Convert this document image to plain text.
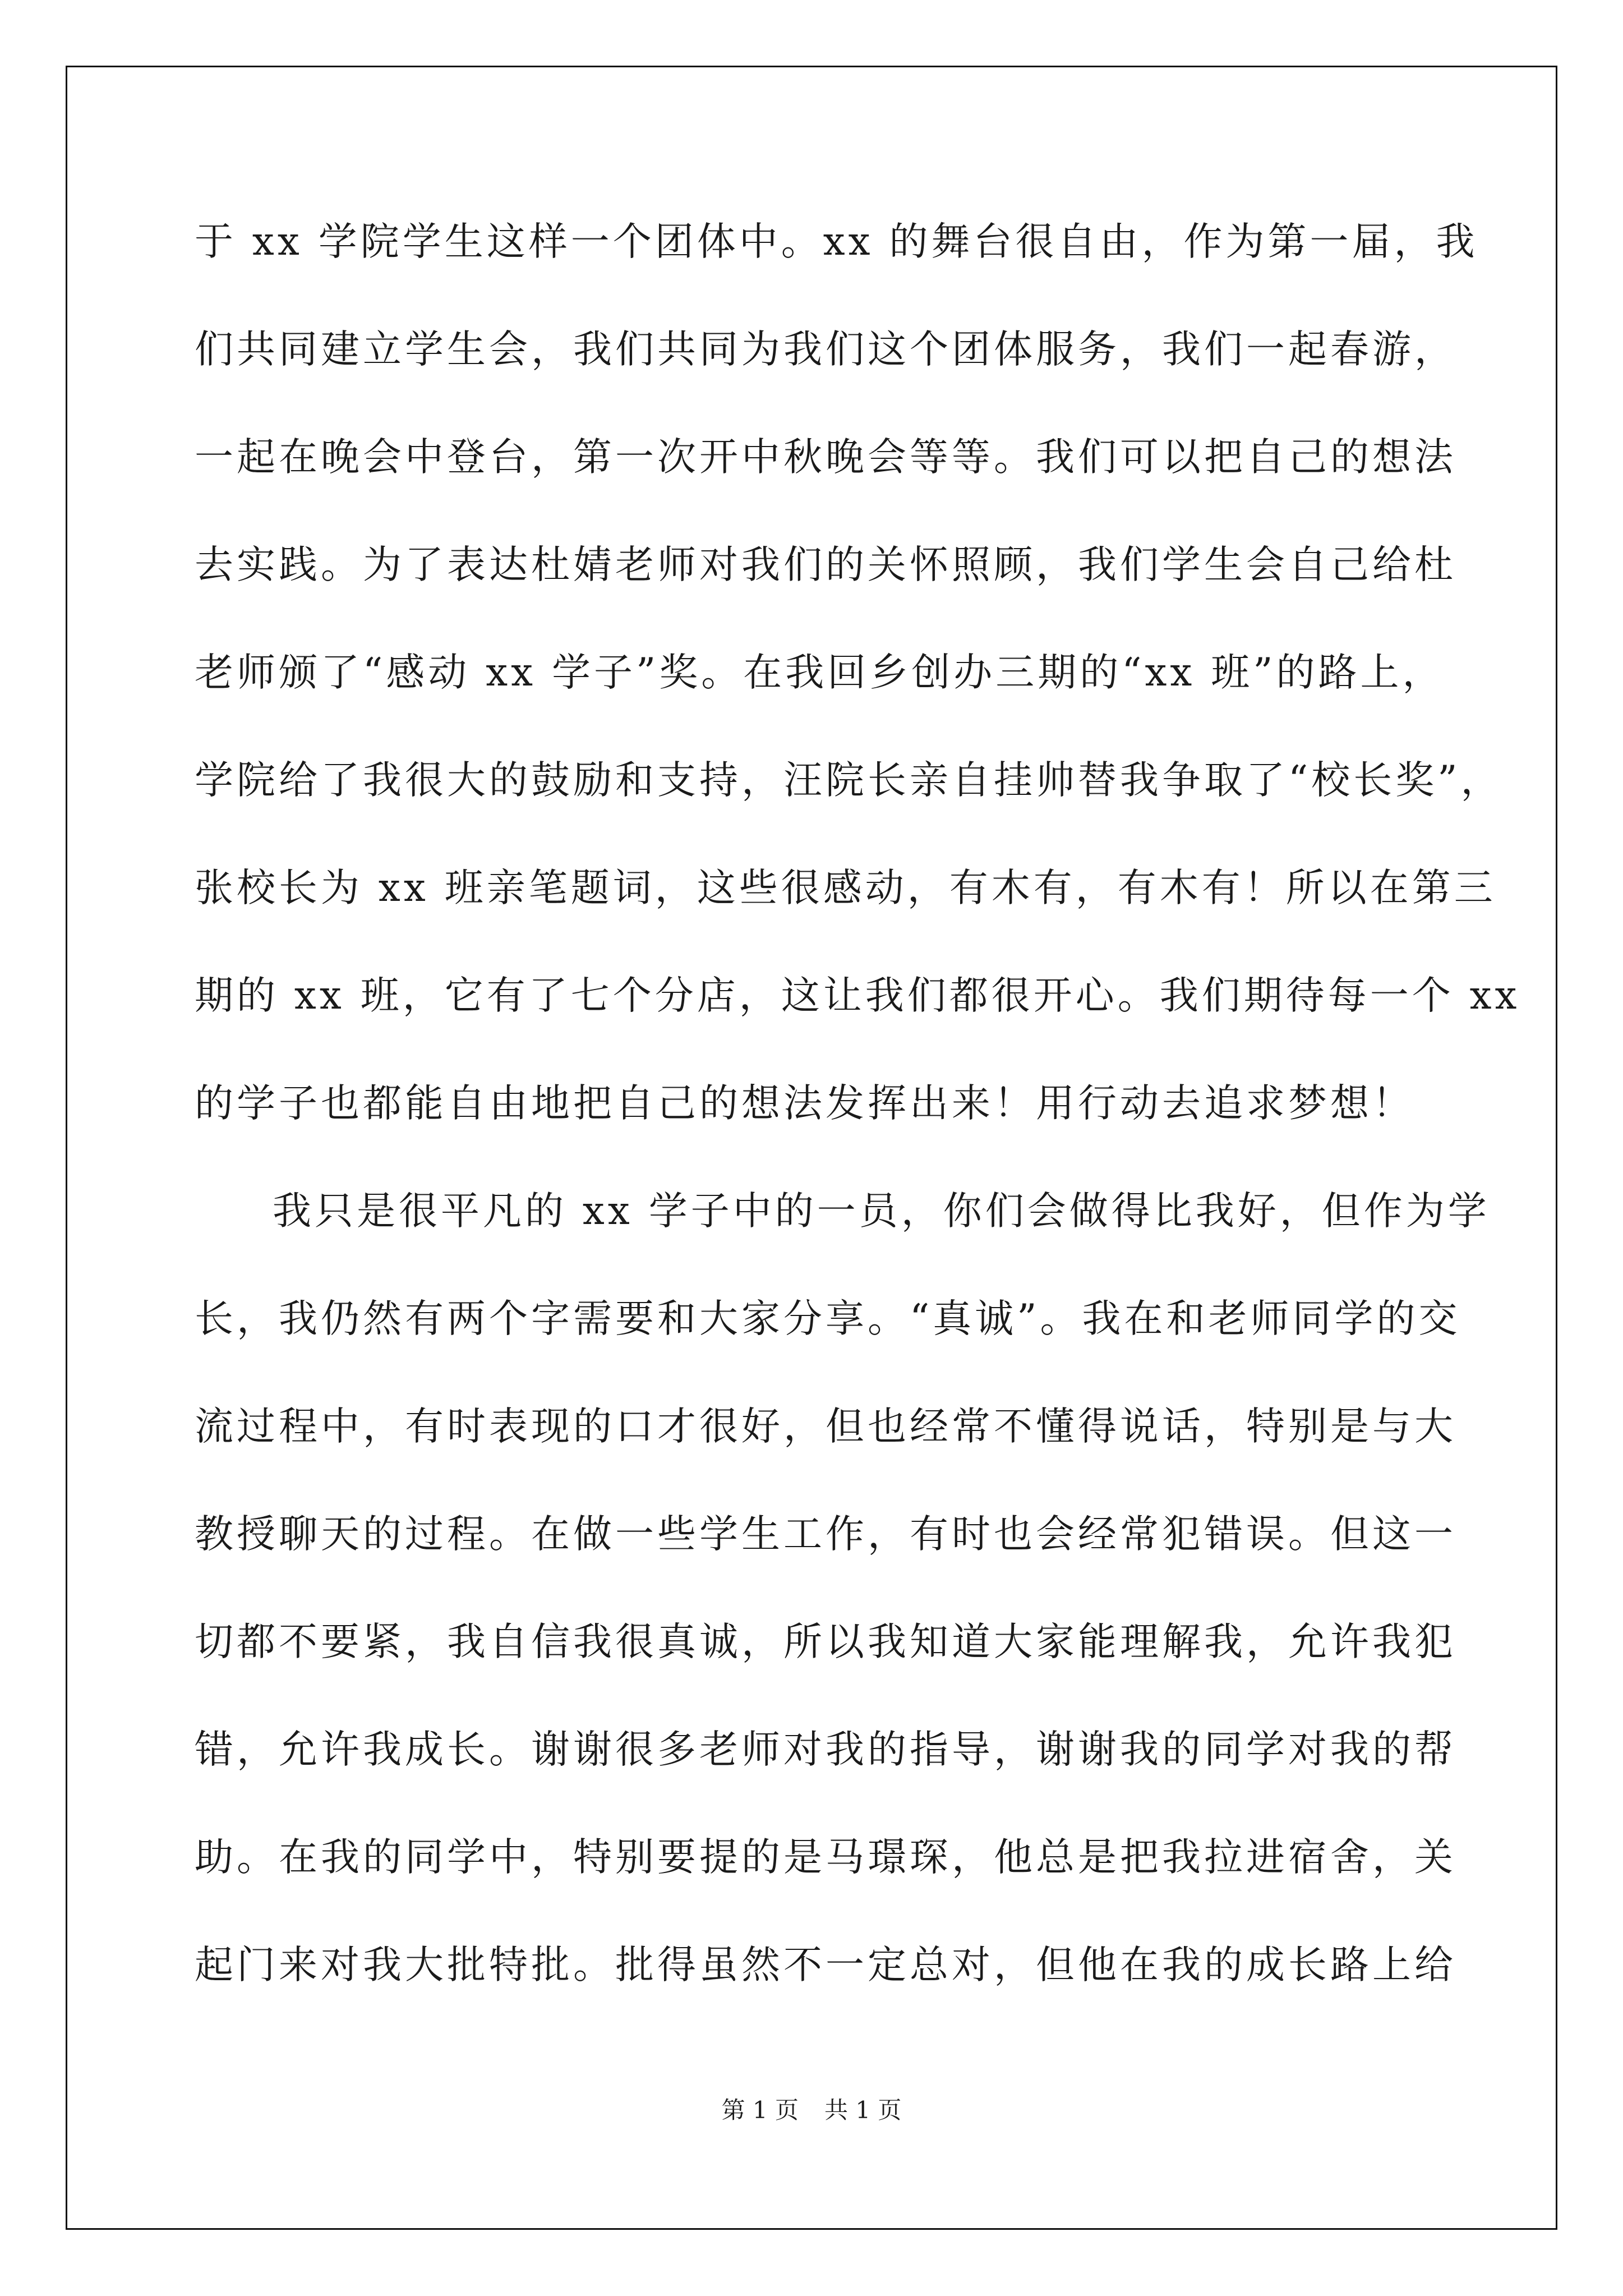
于 xx 学院学生这样一个团体中。xx 的舞台很自由，作为第一届，我
们共同建立学生会，我们共同为我们这个团体服务，我们一起春游，
一起在晚会中登台，第一次开中秋晚会等等。我们可以把自己的想法
去实践。为了表达杜婧老师对我们的关怀照顾，我们学生会自己给杜
老师颁了“感动 xx 学子”奖。在我回乡创办三期的“xx 班”的路上，
学院给了我很大的鼓励和支持，汪院长亲自挂帅替我争取了“校长奖”，
张校长为 xx 班亲笔题词，这些很感动，有木有，有木有！所以在第三
期的 xx 班，它有了七个分店，这让我们都很开心。我们期待每一个 xx
的学子也都能自由地把自己的想法发挥出来！用行动去追求梦想！
我只是很平凡的 xx 学子中的一员，你们会做得比我好，但作为学
长，我仍然有两个字需要和大家分享。“真诚”。我在和老师同学的交
流过程中，有时表现的口才很好，但也经常不懂得说话，特别是与大
教授聊天的过程。在做一些学生工作，有时也会经常犯错误。但这一
切都不要紧，我自信我很真诚，所以我知道大家能理解我，允许我犯
错，允许我成长。谢谢很多老师对我的指导，谢谢我的同学对我的帮
助。在我的同学中，特别要提的是马璟琛，他总是把我拉进宿舍，关
起门来对我大批特批。批得虽然不一定总对，但他在我的成长路上给
第 1 页 共 1 页
